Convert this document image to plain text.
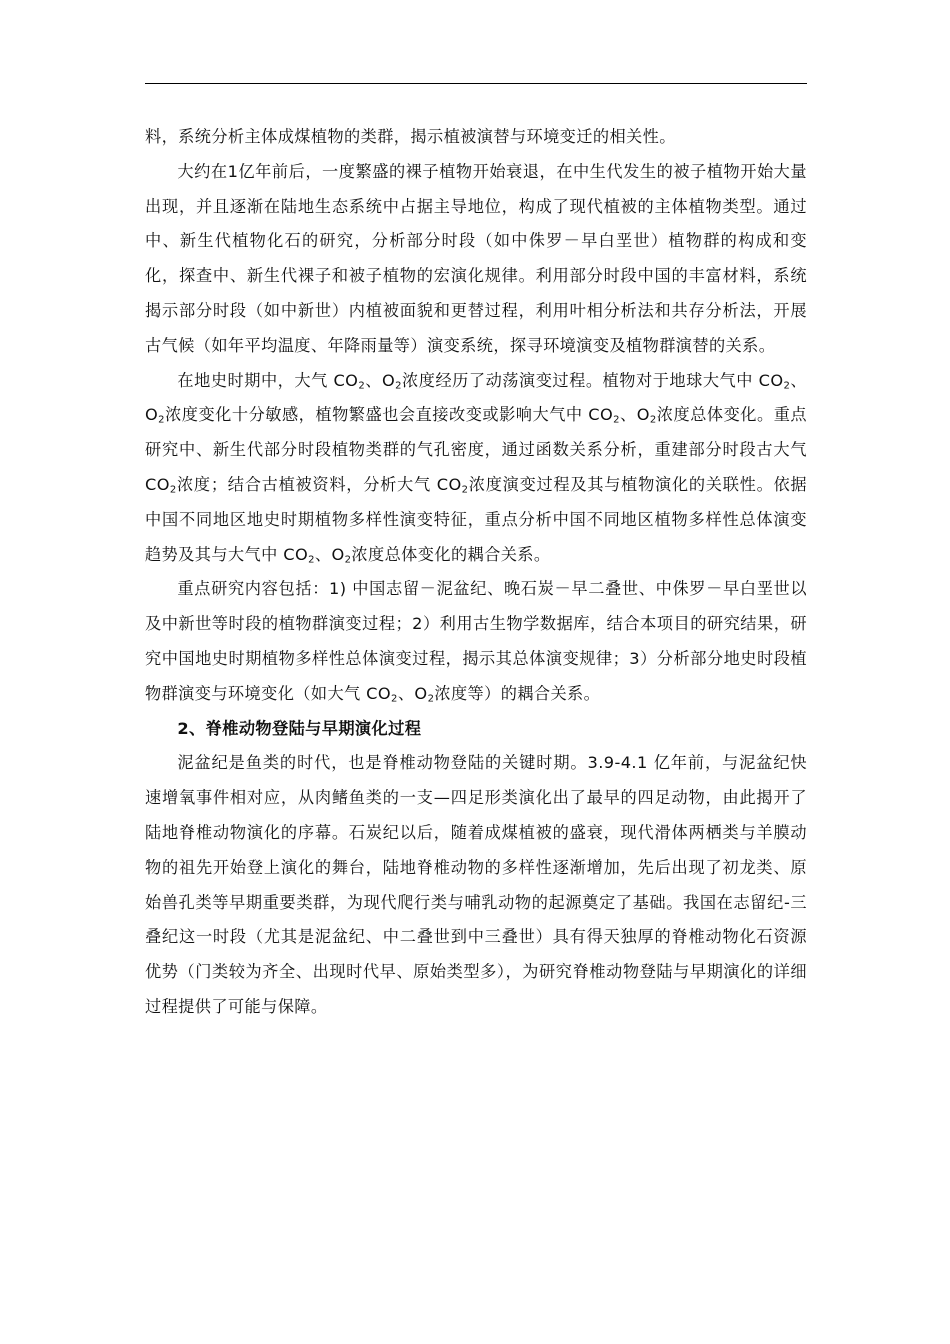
料，系统分析主体成煤植物的类群，揭示植被演替与环境变迁的相关性。

大约在1亿年前后，一度繁盛的裸子植物开始衰退，在中生代发生的被子植物开始大量出现，并且逐渐在陆地生态系统中占据主导地位，构成了现代植被的主体植物类型。通过中、新生代植物化石的研究，分析部分时段（如中侏罗－早白垩世）植物群的构成和变化，探查中、新生代裸子和被子植物的宏演化规律。利用部分时段中国的丰富材料，系统揭示部分时段（如中新世）内植被面貌和更替过程，利用叶相分析法和共存分析法，开展古气候（如年平均温度、年降雨量等）演变系统，探寻环境演变及植物群演替的关系。

在地史时期中，大气 $CO_2$、$O_2$浓度经历了动荡演变过程。植物对于地球大气中 $CO_2$、$O_2$浓度变化十分敏感，植物繁盛也会直接改变或影响大气中 $CO_2$、$O_2$浓度总体变化。重点研究中、新生代部分时段植物类群的气孔密度，通过函数关系分析，重建部分时段古大气 $CO_2$浓度；结合古植被资料，分析大气 $CO_2$浓度演变过程及其与植物演化的关联性。依据中国不同地区地史时期植物多样性演变特征，重点分析中国不同地区植物多样性总体演变趋势及其与大气中 $CO_2$、$O_2$浓度总体变化的耦合关系。

重点研究内容包括：1) 中国志留－泥盆纪、晚石炭－早二叠世、中侏罗－早白垩世以及中新世等时段的植物群演变过程；2）利用古生物学数据库，结合本项目的研究结果，研究中国地史时期植物多样性总体演变过程，揭示其总体演变规律；3）分析部分地史时段植物群演变与环境变化（如大气 $CO_2$、$O_2$浓度等）的耦合关系。

2、脊椎动物登陆与早期演化过程

泥盆纪是鱼类的时代，也是脊椎动物登陆的关键时期。3.9-4.1 亿年前，与泥盆纪快速增氧事件相对应，从肉鳍鱼类的一支—四足形类演化出了最早的四足动物，由此揭开了陆地脊椎动物演化的序幕。石炭纪以后，随着成煤植被的盛衰，现代滑体两栖类与羊膜动物的祖先开始登上演化的舞台，陆地脊椎动物的多样性逐渐增加，先后出现了初龙类、原始兽孔类等早期重要类群，为现代爬行类与哺乳动物的起源奠定了基础。我国在志留纪-三叠纪这一时段（尤其是泥盆纪、中二叠世到中三叠世）具有得天独厚的脊椎动物化石资源优势（门类较为齐全、出现时代早、原始类型多），为研究脊椎动物登陆与早期演化的详细过程提供了可能与保障。
